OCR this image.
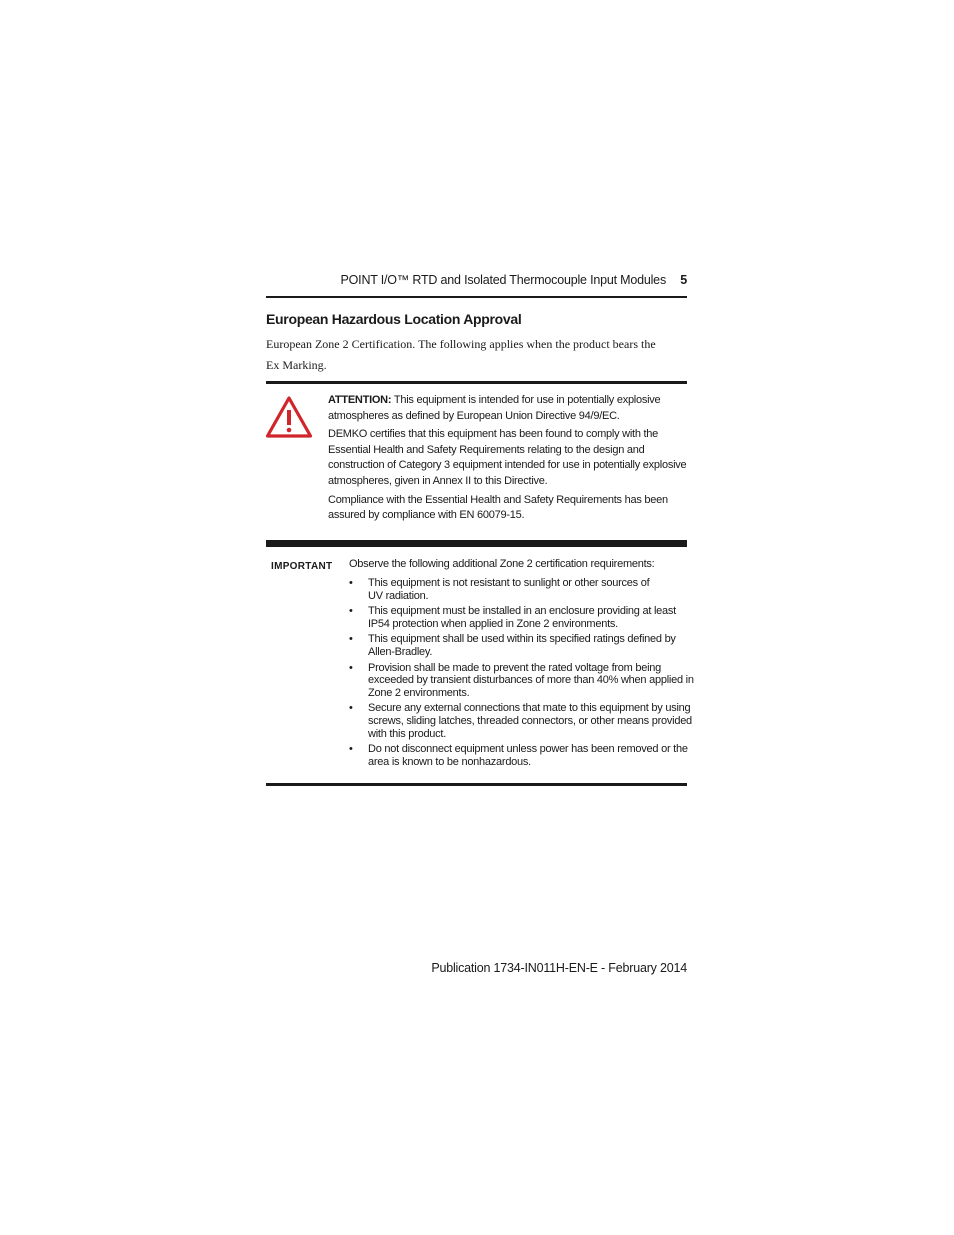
POINT I/O™ RTD and Isolated Thermocouple Input Modules 5
European Hazardous Location Approval
European Zone 2 Certification. The following applies when the product bears the
Ex Marking.

ATTENTION: This equipment is intended for use in potentially explosive
atmospheres as defined by European Union Directive 94/9/EC.

DEMKO certifies that this equipment has been found to comply with the
Essential Health and Safety Requirements relating to the design and
construction of Category 3 equipment intended for use in potentially explosive
atmospheres, given in Annex II to this Directive.

Compliance with the Essential Health and Safety Requirements has been
assured by compliance with EN 60079-15.

IMPORTANT Observe the following additional Zone 2 certification requirements:
• This equipment is not resistant to sunlight or other sources of
UV radiation.
• This equipment must be installed in an enclosure providing at least
IP54 protection when applied in Zone 2 environments.
• This equipment shall be used within its specified ratings defined by
Allen-Bradley.
• Provision shall be made to prevent the rated voltage from being
exceeded by transient disturbances of more than 40% when applied in
Zone 2 environments.
• Secure any external connections that mate to this equipment by using
screws, sliding latches, threaded connectors, or other means provided
with this product.
• Do not disconnect equipment unless power has been removed or the
area is known to be nonhazardous.
Publication 1734-IN011H-EN-E - February 2014
